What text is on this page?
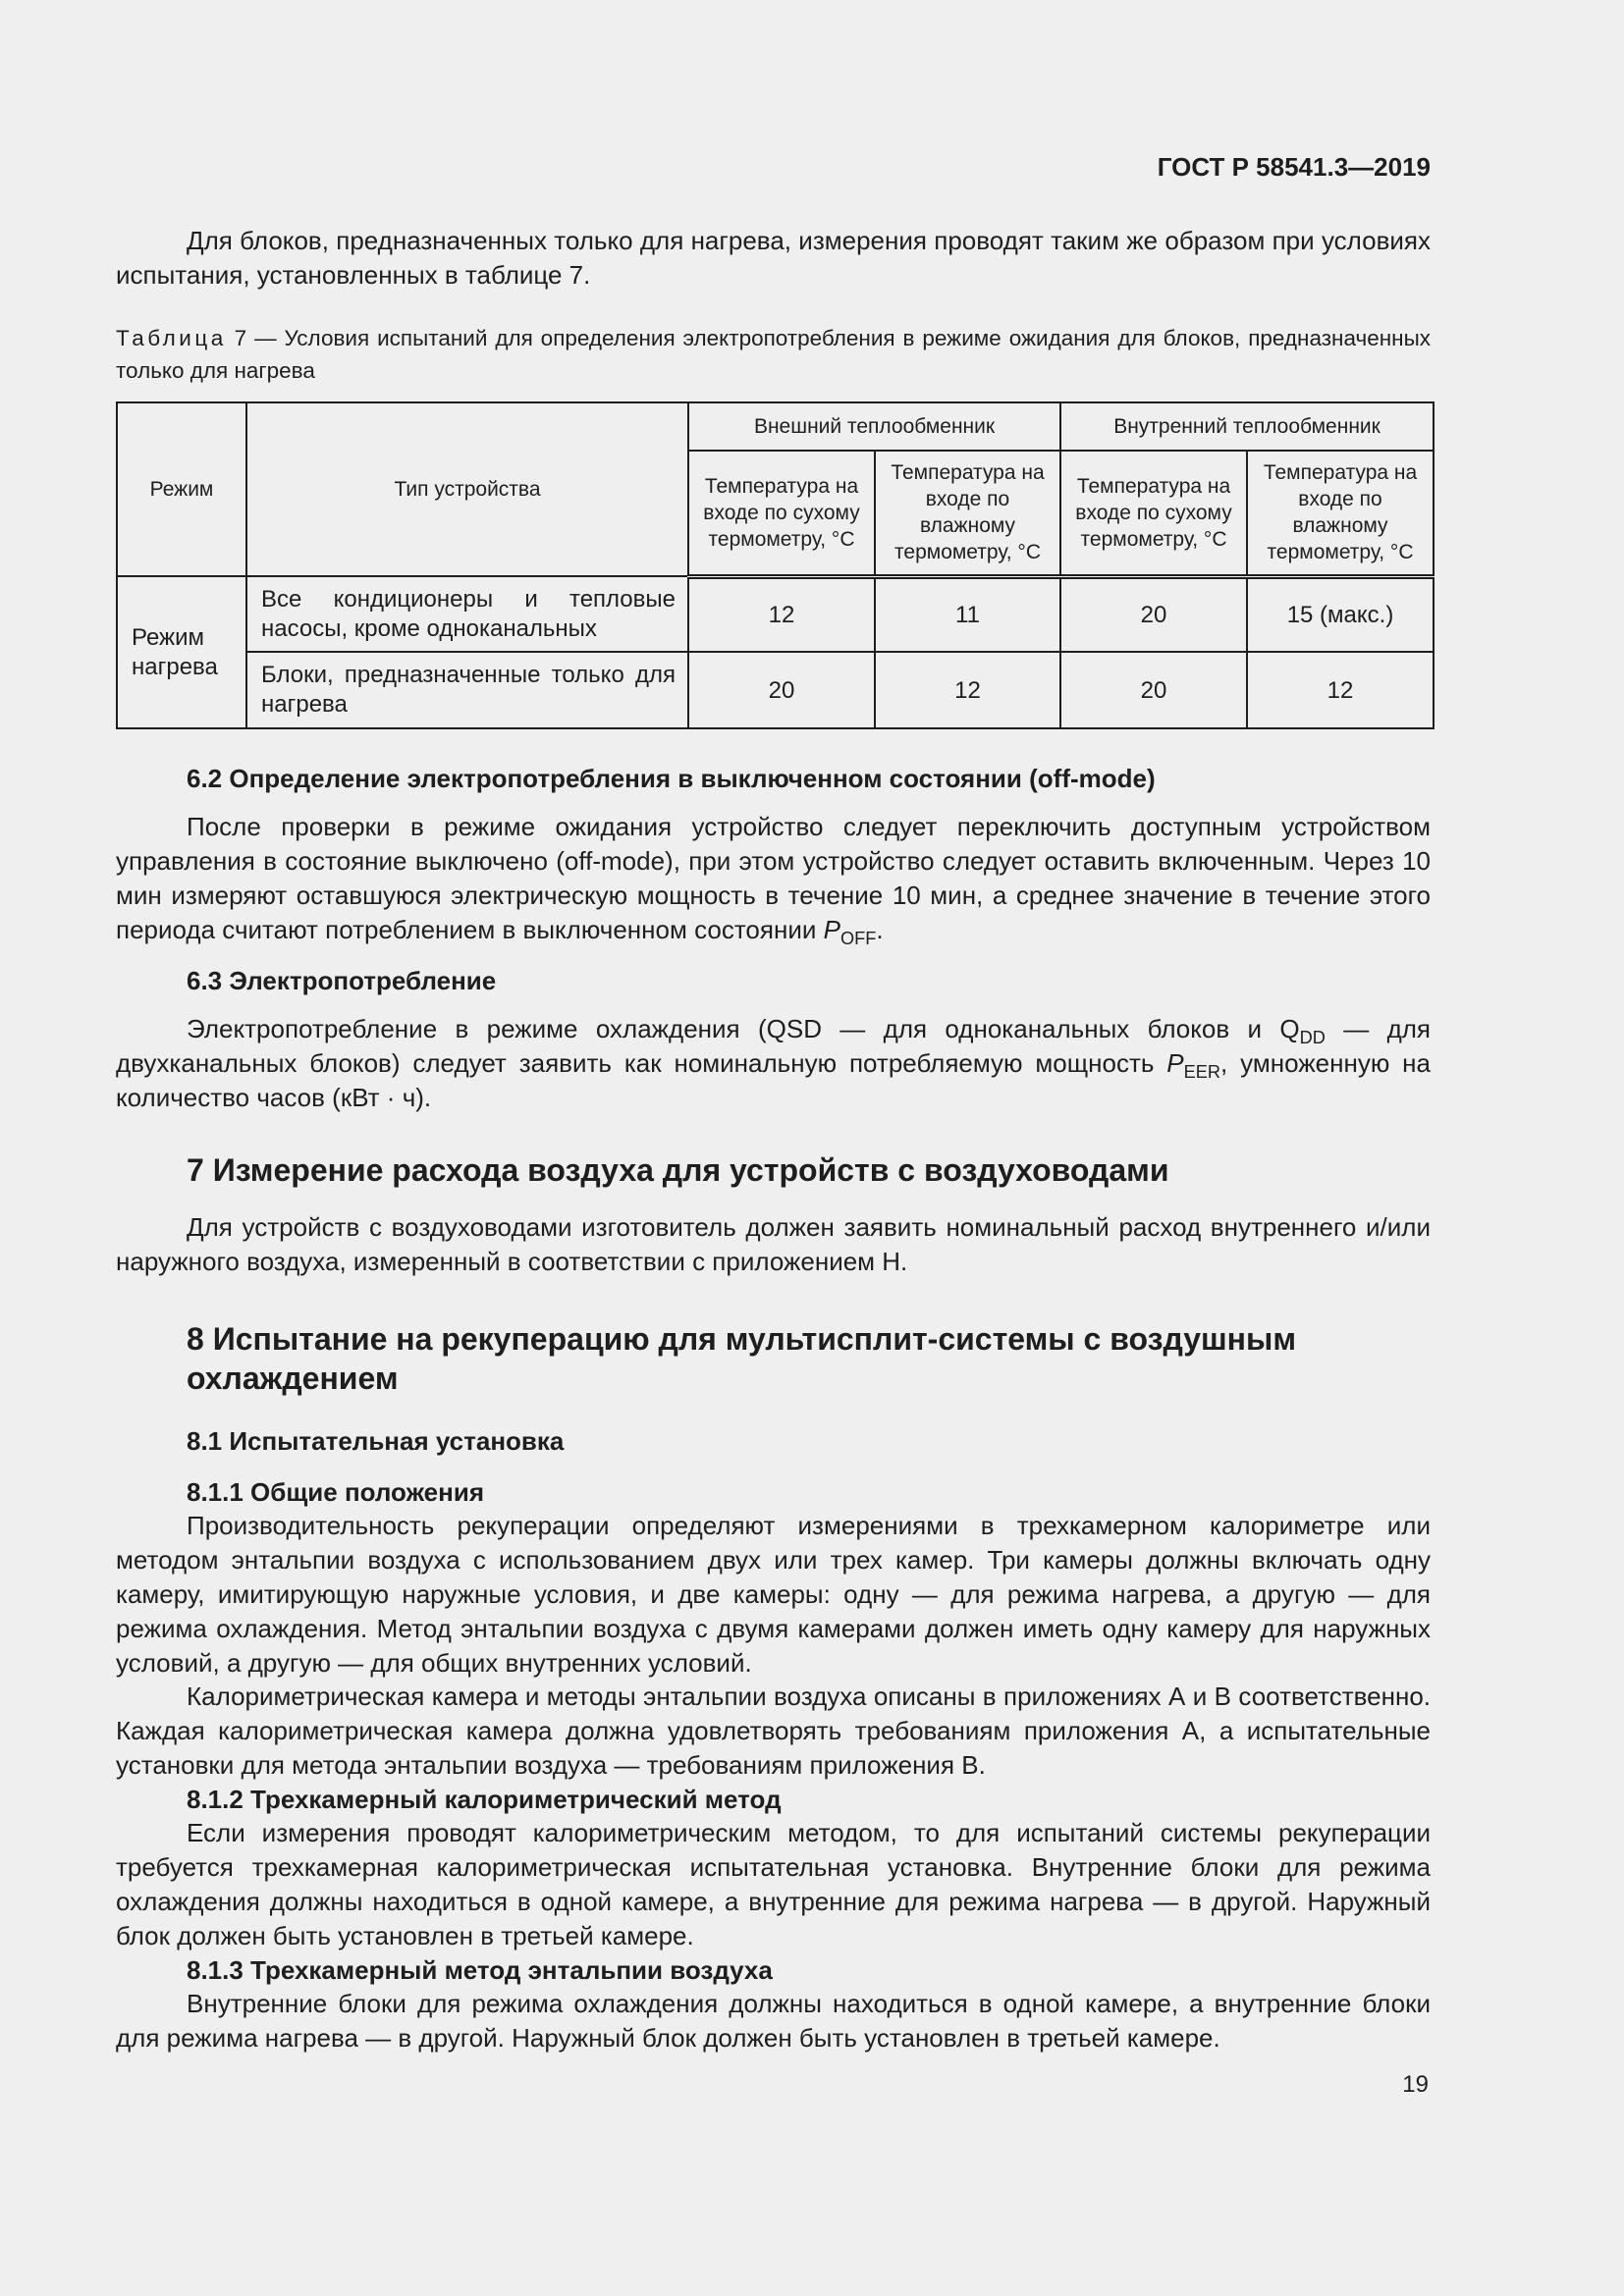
ГОСТ Р 58541.3—2019

Для блоков, предназначенных только для нагрева, измерения проводят таким же образом при условиях испытания, установленных в таблице 7.

Таблица 7 — Условия испытаний для определения электропотребления в режиме ожидания для блоков, предназначенных только для нагрева

Режим	Тип устройства	Внешний теплообменник		Внутренний теплообменник	
		Температура на входе по сухому термометру, °С	Температура на входе по влажному термометру, °С	Температура на входе по сухому термометру, °С	Температура на входе по влажному термометру, °С
Режим нагрева	Все кондиционеры и тепловые насосы, кроме одноканальных	12	11	20	15 (макс.)
	Блоки, предназначенные только для нагрева	20	12	20	12
6.2 Определение электропотребления в выключенном состоянии (off-mode)

После проверки в режиме ожидания устройство следует переключить доступным устройством управления в состояние выключено (off-mode), при этом устройство следует оставить включенным. Через 10 мин измеряют оставшуюся электрическую мощность в течение 10 мин, а среднее значение в течение этого периода считают потреблением в выключенном состоянии $P_{OFF}$.

6.3 Электропотребление

Электропотребление в режиме охлаждения (QSD — для одноканальных блоков и $Q_{DD}$ — для двухканальных блоков) следует заявить как номинальную потребляемую мощность $P_{EER}$, умноженную на количество часов (кВт · ч).

7 Измерение расхода воздуха для устройств с воздуховодами

Для устройств с воздуховодами изготовитель должен заявить номинальный расход внутреннего и/или наружного воздуха, измеренный в соответствии с приложением Н.

8 Испытание на рекуперацию для мультисплит-системы с воздушным охлаждением
8.1 Испытательная установка
8.1.1 Общие положения

Производительность рекуперации определяют измерениями в трехкамерном калориметре или методом энтальпии воздуха с использованием двух или трех камер. Три камеры должны включать одну камеру, имитирующую наружные условия, и две камеры: одну — для режима нагрева, а другую — для режима охлаждения. Метод энтальпии воздуха с двумя камерами должен иметь одну камеру для наружных условий, а другую — для общих внутренних условий.

Калориметрическая камера и методы энтальпии воздуха описаны в приложениях А и В соответственно. Каждая калориметрическая камера должна удовлетворять требованиям приложения А, а испытательные установки для метода энтальпии воздуха — требованиям приложения В.

8.1.2 Трехкамерный калориметрический метод

Если измерения проводят калориметрическим методом, то для испытаний системы рекуперации требуется трехкамерная калориметрическая испытательная установка. Внутренние блоки для режима охлаждения должны находиться в одной камере, а внутренние для режима нагрева — в другой. Наружный блок должен быть установлен в третьей камере.

8.1.3 Трехкамерный метод энтальпии воздуха

Внутренние блоки для режима охлаждения должны находиться в одной камере, а внутренние блоки для режима нагрева — в другой. Наружный блок должен быть установлен в третьей камере.

19
